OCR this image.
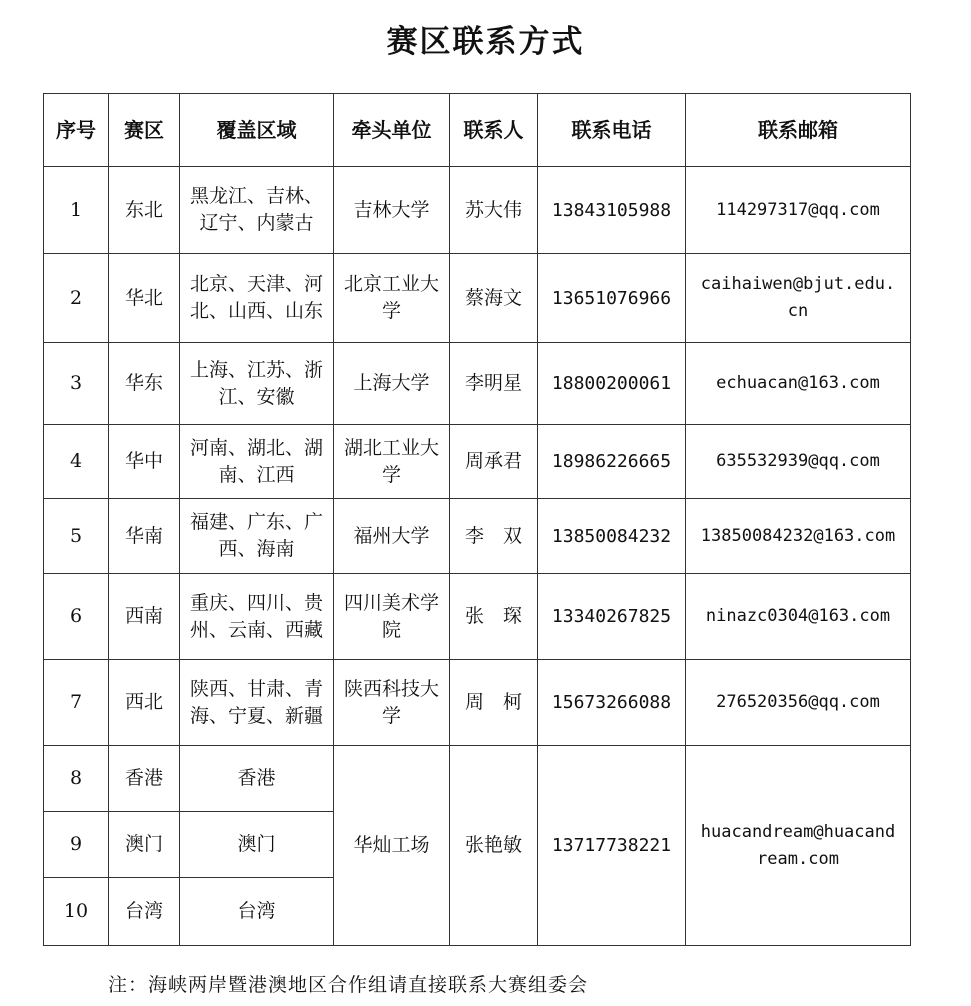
赛区联系方式
序号	赛区	覆盖区域	牵头单位	联系人	联系电话	联系邮箱
1	东北	黑龙江、吉林、辽宁、内蒙古	吉林大学	苏大伟	13843105988	114297317@qq.com
2	华北	北京、天津、河北、山西、山东	北京工业大学	蔡海文	13651076966	caihaiwen@bjut.edu.cn
3	华东	上海、江苏、浙江、安徽	上海大学	李明星	18800200061	echuacan@163.com
4	华中	河南、湖北、湖南、江西	湖北工业大学	周承君	18986226665	635532939@qq.com
5	华南	福建、广东、广西、海南	福州大学	李　双	13850084232	13850084232@163.com
6	西南	重庆、四川、贵州、云南、西藏	四川美术学院	张　琛	13340267825	ninazc0304@163.com
7	西北	陕西、甘肃、青海、宁夏、新疆	陕西科技大学	周　柯	15673266088	276520356@qq.com
8	香港	香港	华灿工场	张艳敏	13717738221	huacandream@huacandream.com
9	澳门	澳门				
10	台湾	台湾				
注：海峡两岸暨港澳地区合作组请直接联系大赛组委会
